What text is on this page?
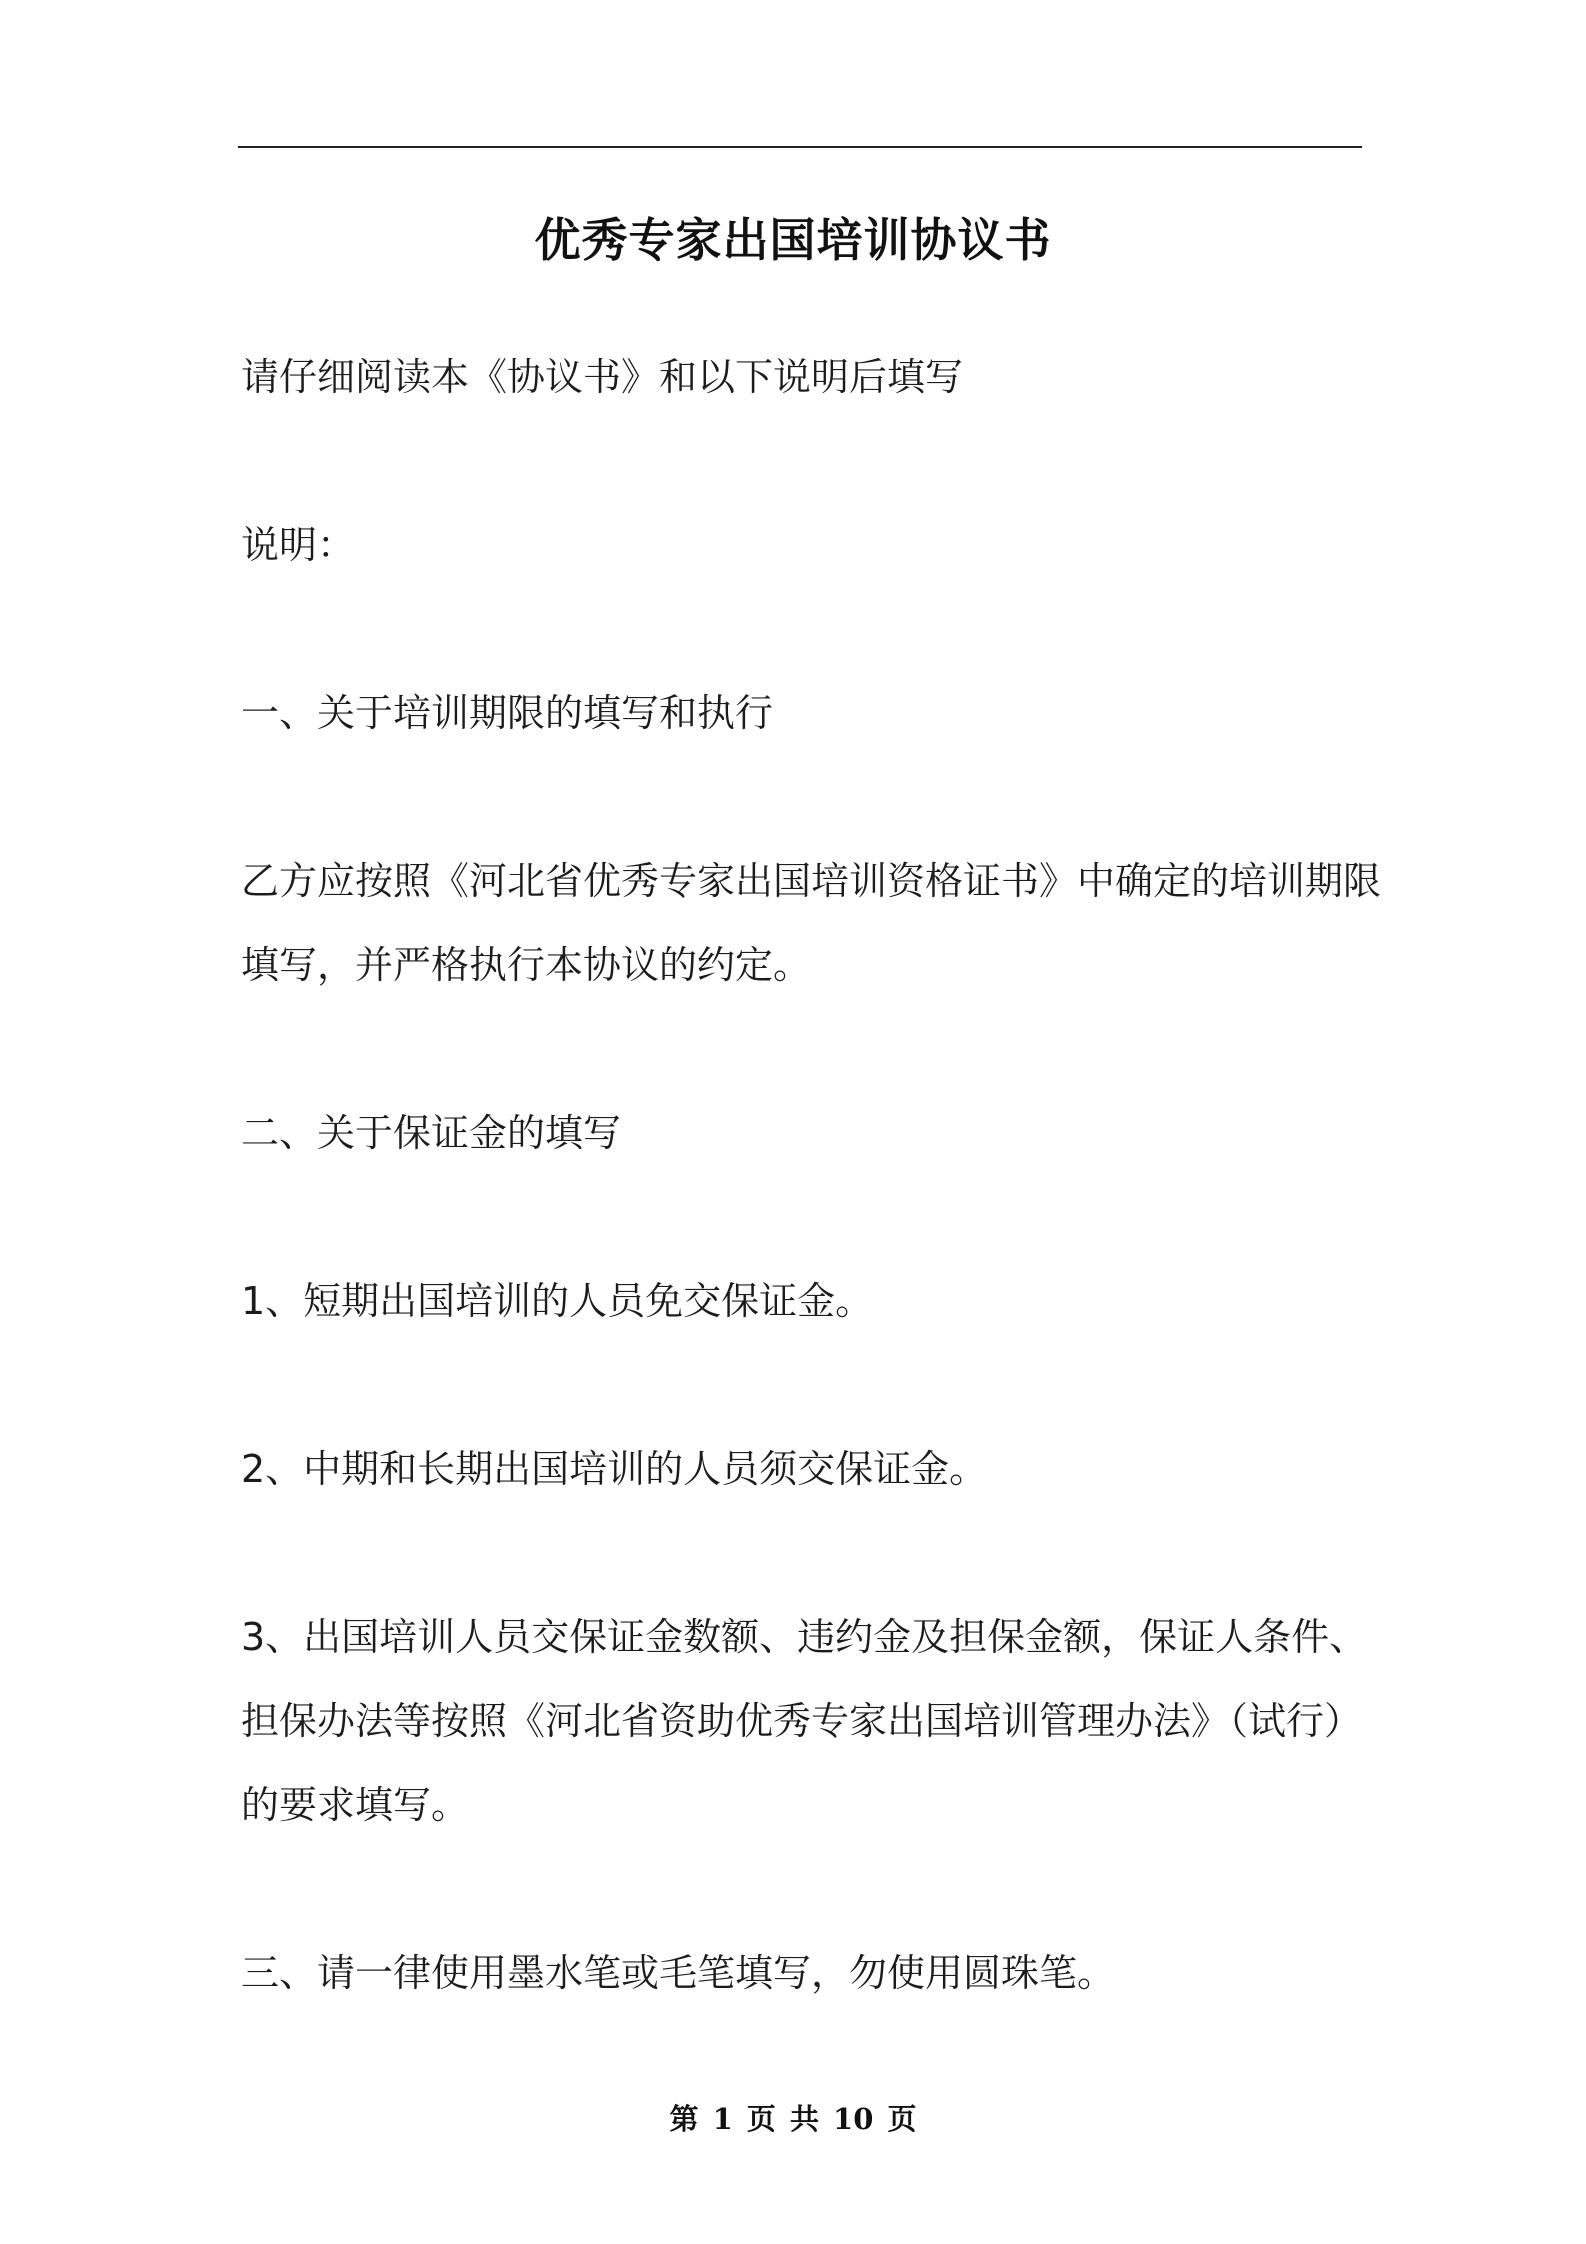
优秀专家出国培训协议书

请仔细阅读本《协议书》和以下说明后填写

说明：

一、关于培训期限的填写和执行

乙方应按照《河北省优秀专家出国培训资格证书》中确定的培训期限

填写，并严格执行本协议的约定。

二、关于保证金的填写

1、短期出国培训的人员免交保证金。

2、中期和长期出国培训的人员须交保证金。

3、出国培训人员交保证金数额、违约金及担保金额，保证人条件、

担保办法等按照《河北省资助优秀专家出国培训管理办法》（试行）

的要求填写。

三、请一律使用墨水笔或毛笔填写，勿使用圆珠笔。

第 1 页 共 10 页
